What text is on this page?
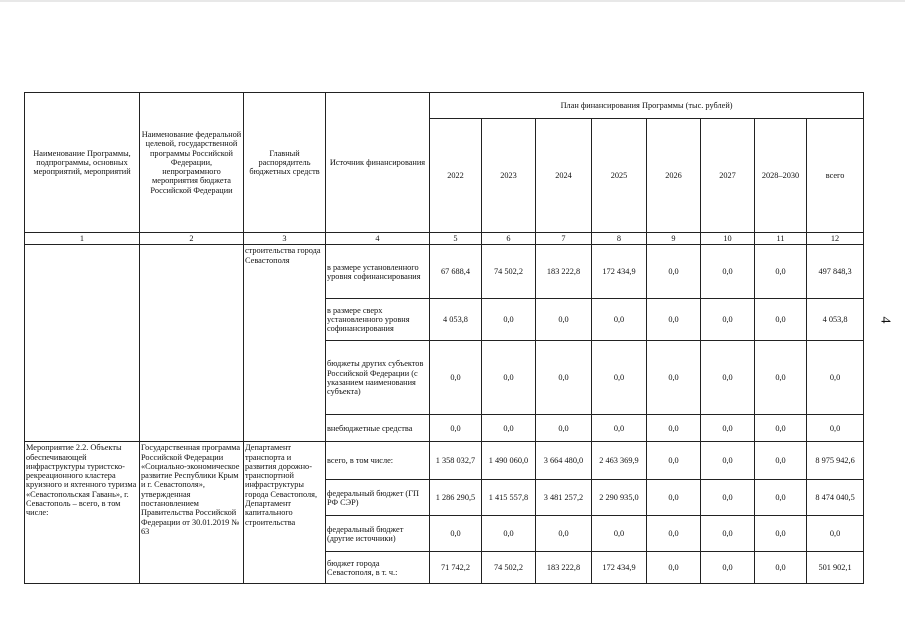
Наименование Программы, подпрограммы, основных мероприятий, мероприятий	Наименование федеральной целевой, государственной программы Российской Федерации, непрограммного мероприятия бюджета Российской Федерации	Главный распорядитель бюджетных средств	Источник финансирования	План финансирования Программы (тыс. рублей)							
				2022	2023	2024	2025	2026	2027	2028–2030	всего
1	2	3	4	5	6	7	8	9	10	11	12
		строительства города Севастополя	в размере установленного уровня софинансирования	67 688,4	74 502,2	183 222,8	172 434,9	0,0	0,0	0,0	497 848,3
			в размере сверх установленного уровня софинансирования	4 053,8	0,0	0,0	0,0	0,0	0,0	0,0	4 053,8
			бюджеты других субъектов Российской Федерации (с указанием наименования субъекта)	0,0	0,0	0,0	0,0	0,0	0,0	0,0	0,0
			внебюджетные средства	0,0	0,0	0,0	0,0	0,0	0,0	0,0	0,0
Мероприятие 2.2. Объекты обеспечивающей инфраструктуры туристско-рекреационного кластера круизного и яхтенного туризма «Севастопольская Гавань», г. Севастополь – всего, в том числе:	Государственная программа Российской Федерации «Социально-экономическое развитие Республики Крым и г. Севастополя», утвержденная постановлением Правительства Российской Федерации от 30.01.2019 № 63	Департамент транспорта и развития дорожно-транспортной инфраструктуры города Севастополя, Департамент капитального строительства	всего, в том числе:	1 358 032,7	1 490 060,0	3 664 480,0	2 463 369,9	0,0	0,0	0,0	8 975 942,6
			федеральный бюджет (ГП РФ СЭР)	1 286 290,5	1 415 557,8	3 481 257,2	2 290 935,0	0,0	0,0	0,0	8 474 040,5
			федеральный бюджет (другие источники)	0,0	0,0	0,0	0,0	0,0	0,0	0,0	0,0
			бюджет города Севастополя, в т. ч.:	71 742,2	74 502,2	183 222,8	172 434,9	0,0	0,0	0,0	501 902,1
4
